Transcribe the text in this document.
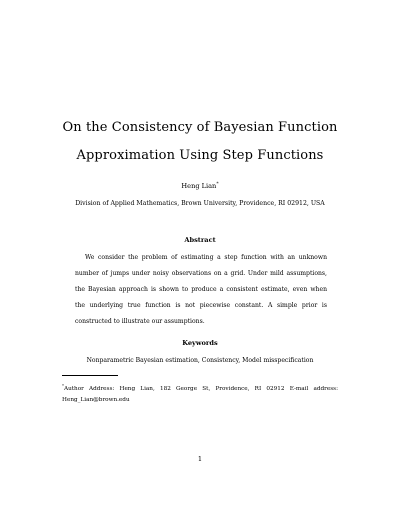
On the Consistency of Bayesian Function
Approximation Using Step Functions
Heng Lian*
Division of Applied Mathematics, Brown University, Providence, RI 02912, USA
Abstract
We consider the problem of estimating a step function with an unknown
number of jumps under noisy observations on a grid. Under mild assumptions,
the Bayesian approach is shown to produce a consistent estimate, even when
the underlying true function is not piecewise constant. A simple prior is
constructed to illustrate our assumptions.
Keywords
Nonparametric Bayesian estimation, Consistency, Model misspecification
*Author Address: Heng Lian, 182 George St, Providence, RI 02912 E-mail address:
Heng_Lian@brown.edu
1
